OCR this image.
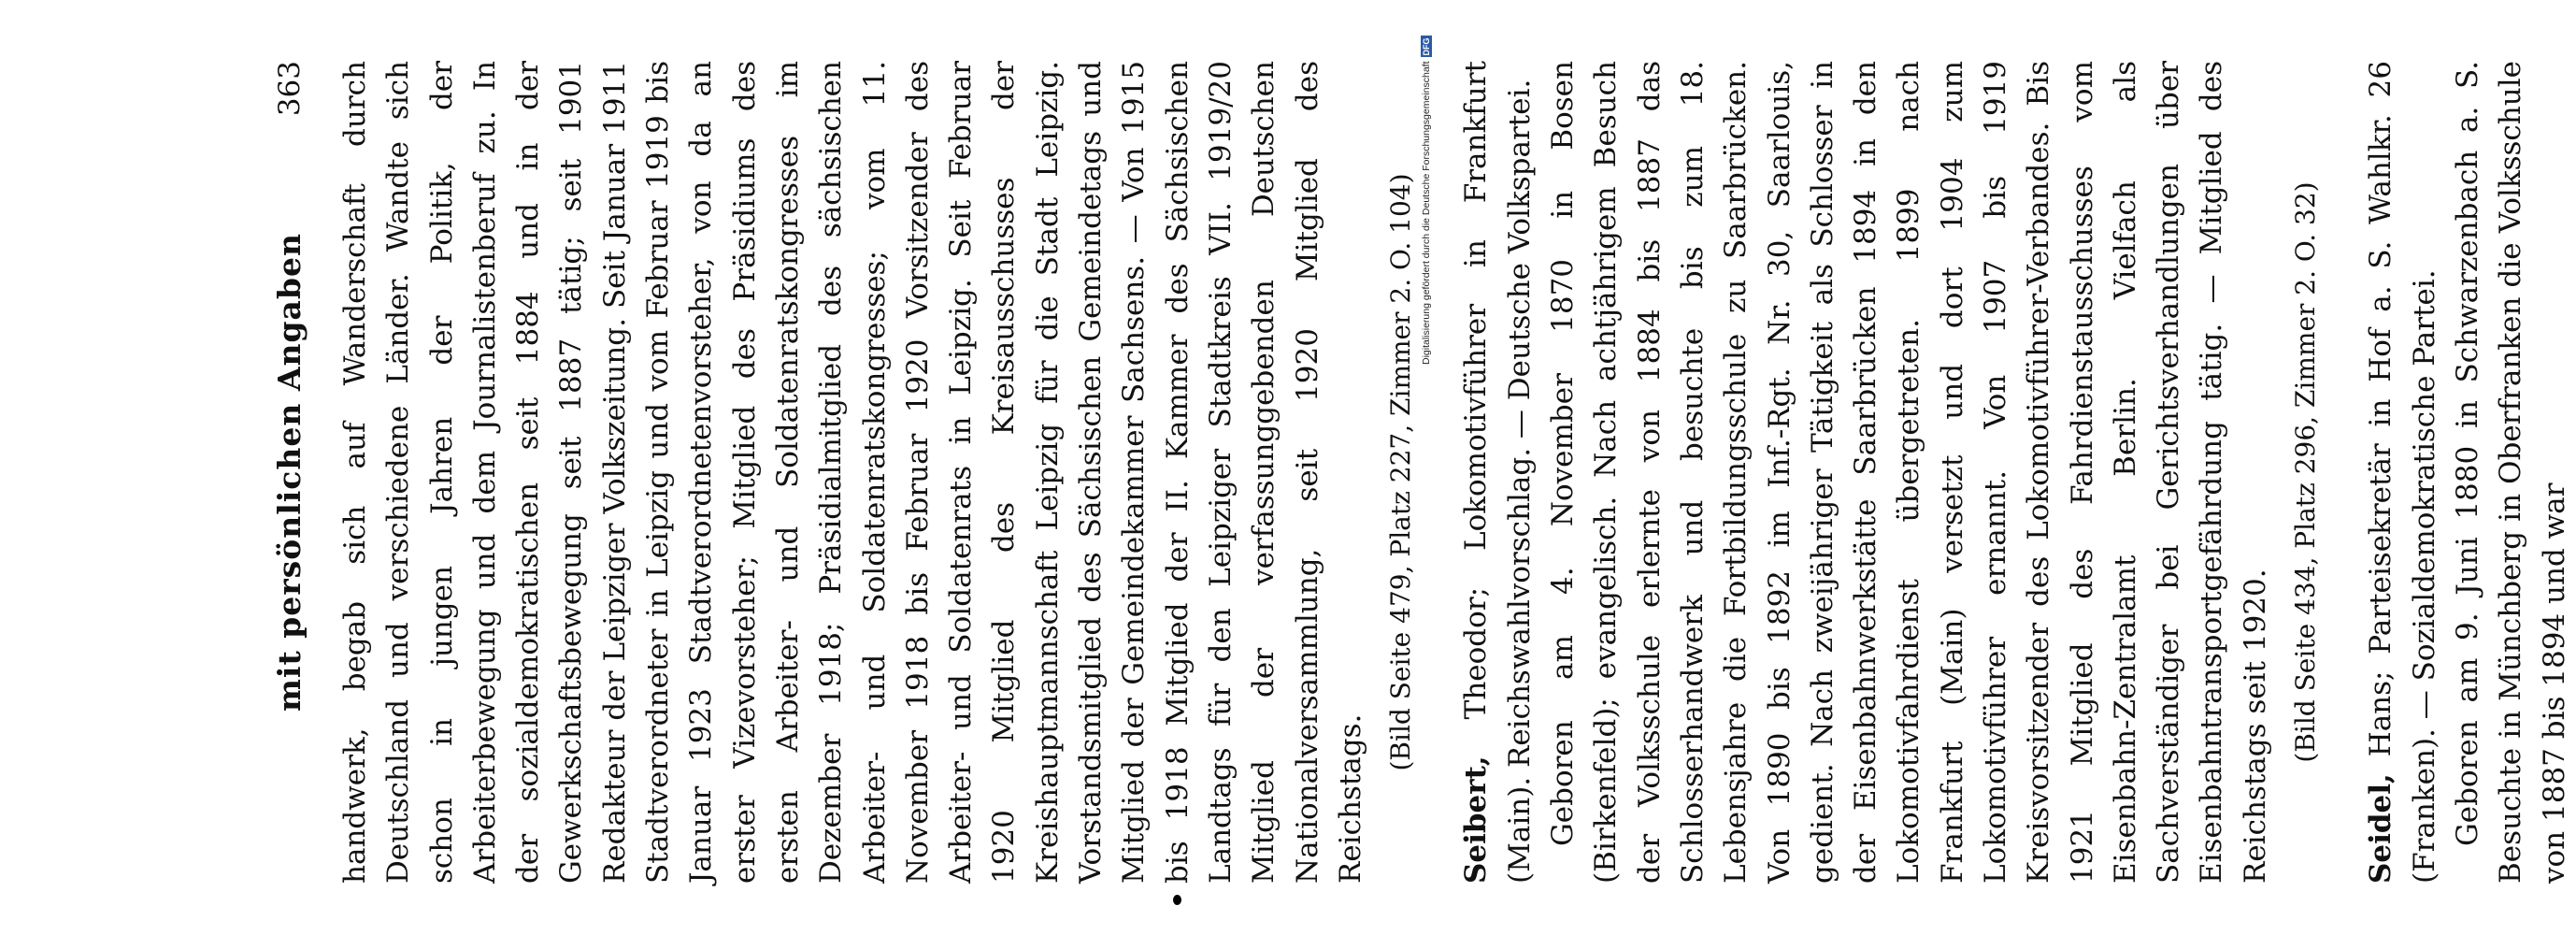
mit persönlichen Angaben
363 handwerk, begab sich auf Wanderschaft durch Deutschland und verschiedene Länder. Wandte sich schon in jungen Jahren der Politik, der Arbeiterbewegung und dem Journalistenberuf zu. In der sozialdemokratischen seit 1884 und in der Gewerkschaftsbewegung seit 1887 tätig; seit 1901 Redakteur der Leipziger Volkszeitung. Seit Januar 1911 Stadtverordneter in Leipzig und vom Februar 1919 bis Januar 1923 Stadtverordnetenvorsteher, von da an erster Vizevorsteher; Mitglied des Präsidiums des ersten Arbeiter- und Soldatenratskongresses im Dezember 1918; Präsidialmitglied des sächsischen Arbeiter- und Soldatenratskongresses; vom 11. November 1918 bis Februar 1920 Vorsitzender des Arbeiter- und Soldatenrats in Leipzig. Seit Februar 1920 Mitglied des Kreisausschusses der Kreishauptmannschaft Leipzig für die Stadt Leipzig. Vorstandsmitglied des Sächsischen Gemeindetags und Mitglied der Gemeindekammer Sachsens. — Von 1915 bis 1918 Mitglied der II. Kammer des Sächsischen Landtags für den Leipziger Stadtkreis VII. 1919/20 Mitglied der verfassunggebenden Deutschen Nationalversammlung, seit 1920 Mitglied des Reichstags.

(Bild Seite 479, Platz 227, Zimmer 2. O. 104)

Seibert, Theodor; Lokomotivführer in Frankfurt (Main). Reichswahlvorschlag. — Deutsche Volkspartei. Geboren am 4. November 1870 in Bosen (Birkenfeld); evangelisch. Nach achtjährigem Besuch der Volksschule erlernte von 1884 bis 1887 das Schlosserhandwerk und besuchte bis zum 18. Lebensjahre die Fortbildungsschule zu Saarbrücken. Von 1890 bis 1892 im Inf.-Rgt. Nr. 30, Saarlouis, gedient. Nach zweijähriger Tätigkeit als Schlosser in der Eisenbahnwerkstätte Saarbrücken 1894 in den Lokomotivfahrdienst übergetreten. 1899 nach Frankfurt (Main) versetzt und dort 1904 zum Lokomotivführer ernannt. Von 1907 bis 1919 Kreisvorsitzender des Lokomotivführer-Verbandes. Bis 1921 Mitglied des Fahrdienstausschusses vom Eisenbahn-Zentralamt Berlin. Vielfach als Sachverständiger bei Gerichtsverhandlungen über Eisenbahntransportgefährdung tätig. — Mitglied des Reichstags seit 1920. (Bild Seite 434, Platz 296, Zimmer 2. O. 32)

Seidel, Hans; Parteisekretär in Hof a. S. Wahlkr. 26 (Franken). — Sozialdemokratische Partei. Geboren am 9. Juni 1880 in Schwarzenbach a. S. Besuchte in Münchberg in Oberfranken die Volksschule von 1887 bis 1894 und war

Digitalisierung gefördert durch die Deutsche ForschungsgemeinschaftDFG
